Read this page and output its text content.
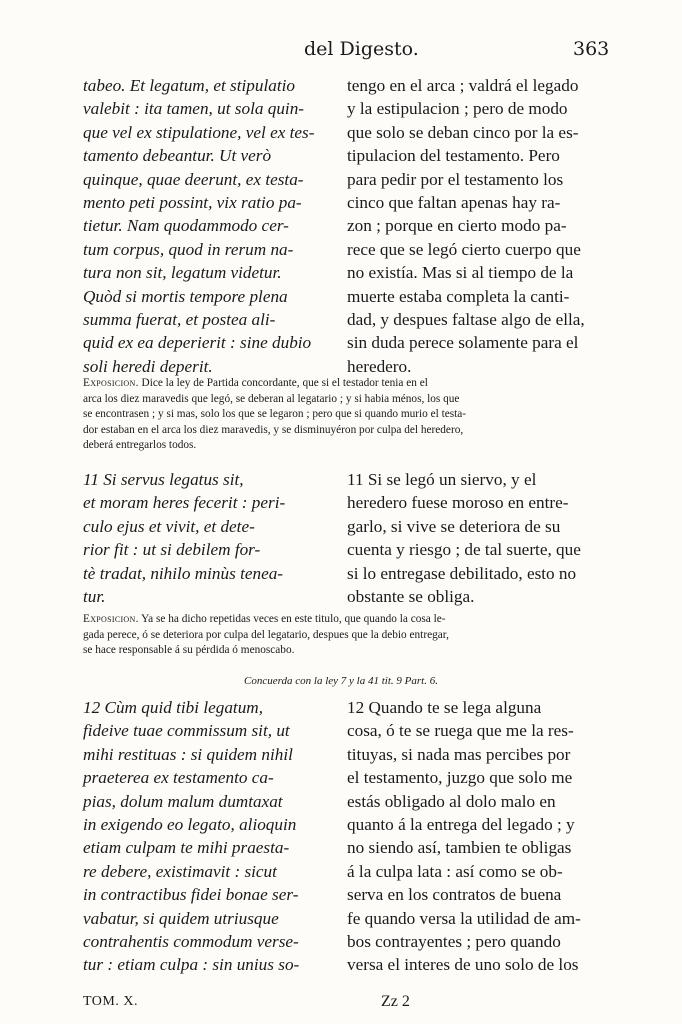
del Digesto.	363

tabeo. Et legatum, et stipulatio
valebit : ita tamen, ut sola quin-
que vel ex stipulatione, vel ex tes-
tamento debeantur. Ut verò
quinque, quae deerunt, ex testa-
mento peti possint, vix ratio pa-
tietur. Nam quodammodo cer-
tum corpus, quod in rerum na-
tura non sit, legatum videtur.
Quòd si mortis tempore plena
summa fuerat, et postea ali-
quid ex ea deperierit : sine dubio
soli heredi deperit.

tengo en el arca ; valdrá el legado
y la estipulacion ; pero de modo
que solo se deban cinco por la es-
tipulacion del testamento. Pero
para pedir por el testamento los
cinco que faltan apenas hay ra-
zon ; porque en cierto modo pa-
rece que se legó cierto cuerpo que
no existía. Mas si al tiempo de la
muerte estaba completa la canti-
dad, y despues faltase algo de ella,
sin duda perece solamente para el
heredero.

Exposicion. Dice la ley de Partida concordante, que si el testador tenia en el
arca los diez maravedis que legó, se deberan al legatario ; y si habia ménos, los que
se encontrasen ; y si mas, solo los que se legaron ; pero que si quando murio el testa-
dor estaban en el arca los diez maravedis, y se disminuyéron por culpa del heredero,
deberá entregarlos todos.

11 Si servus legatus sit,
et moram heres fecerit : peri-
culo ejus et vivit, et dete-
rior fit : ut si debilem for-
tè tradat, nihilo minùs tenea-
tur.

11 Si se legó un siervo, y el
heredero fuese moroso en entre-
garlo, si vive se deteriora de su
cuenta y riesgo ; de tal suerte, que
si lo entregase debilitado, esto no
obstante se obliga.

Exposicion. Ya se ha dicho repetidas veces en este titulo, que quando la cosa le-
gada perece, ó se deteriora por culpa del legatario, despues que la debio entregar,
se hace responsable á su pérdida ó menoscabo.

Concuerda con la ley 7 y la 41 tit. 9 Part. 6.

12 Cùm quid tibi legatum,
fideive tuae commissum sit, ut
mihi restituas : si quidem nihil
praeterea ex testamento ca-
pias, dolum malum dumtaxat
in exigendo eo legato, alioquin
etiam culpam te mihi praesta-
re debere, existimavit : sicut
in contractibus fidei bonae ser-
vabatur, si quidem utriusque
contrahentis commodum verse-
tur : etiam culpa : sin unius so-

12 Quando te se lega alguna
cosa, ó te se ruega que me la res-
tituyas, si nada mas percibes por
el testamento, juzgo que solo me
estás obligado al dolo malo en
quanto á la entrega del legado ; y
no siendo así, tambien te obligas
á la culpa lata : así como se ob-
serva en los contratos de buena
fe quando versa la utilidad de am-
bos contrayentes ; pero quando
versa el interes de uno solo de los

TOM. X.	Zz 2
